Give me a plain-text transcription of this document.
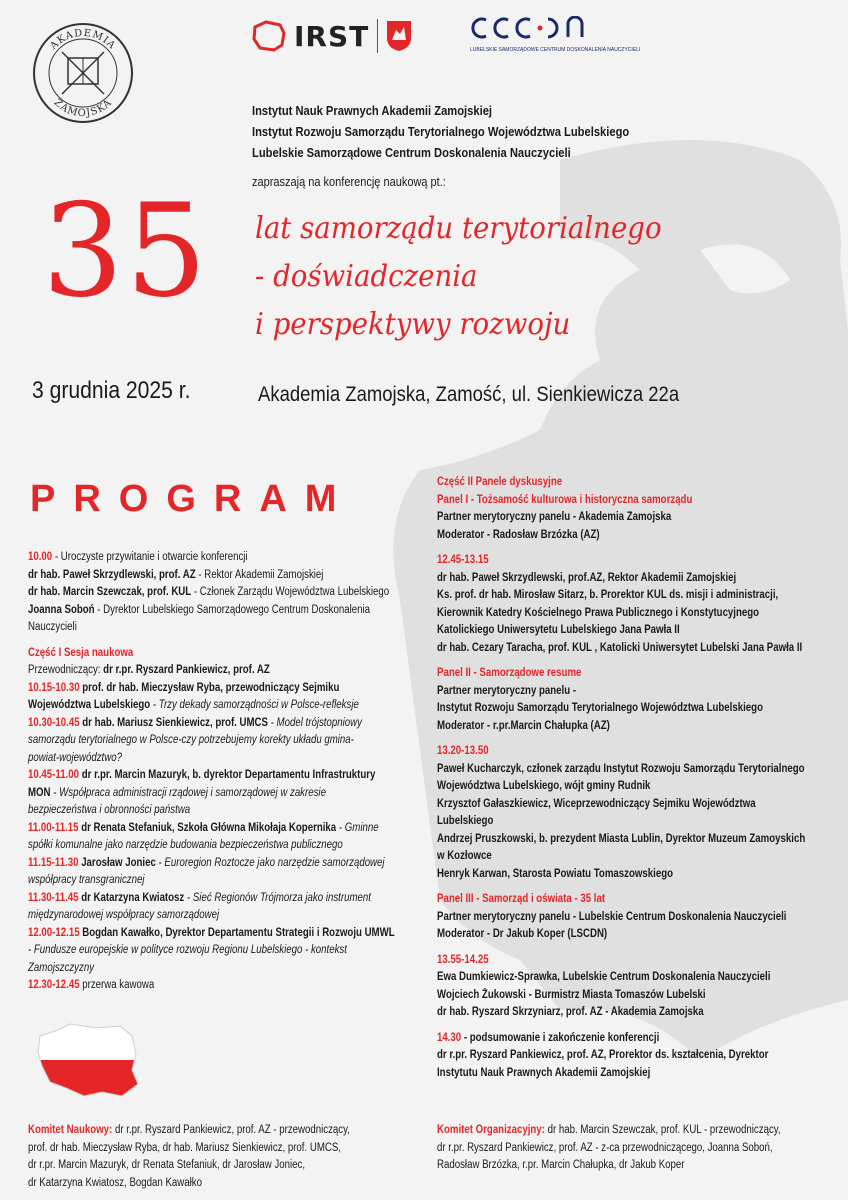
AKADEMIA
ZAMOJSKA
IRST	LUBELSKIE SAMORZĄDOWE CENTRUM DOSKONALENIA NAUCZYCIELI
Instytut Nauk Prawnych Akademii Zamojskiej
Instytut Rozwoju Samorządu Terytorialnego Województwa Lubelskiego
Lubelskie Samorządowe Centrum Doskonalenia Nauczycieli
zapraszają na konferencję naukową pt.:
35 lat samorządu terytorialnego
- doświadczenia
i perspektywy rozwoju
3 grudnia 2025 r.	Akademia Zamojska, Zamość, ul. Sienkiewicza 22a
PROGRAM

10.00 - Uroczyste przywitanie i otwarcie konferencji

dr hab. Paweł Skrzydlewski, prof. AZ - Rektor Akademii Zamojskiej

dr hab. Marcin Szewczak, prof. KUL - Członek Zarządu Województwa Lubelskiego

Joanna Soboń - Dyrektor Lubelskiego Samorządowego Centrum Doskonalenia

Nauczycieli

Część I Sesja naukowa

Przewodniczący: dr r.pr. Ryszard Pankiewicz, prof. AZ

10.15-10.30 prof. dr hab. Mieczysław Ryba, przewodniczący Sejmiku

Województwa Lubelskiego - Trzy dekady samorządności w Polsce-refleksje

10.30-10.45 dr hab. Mariusz Sienkiewicz, prof. UMCS - Model trójstopniowy

samorządu terytorialnego w Polsce-czy potrzebujemy korekty układu gmina-

powiat-województwo?

10.45-11.00 dr r.pr. Marcin Mazuryk, b. dyrektor Departamentu Infrastruktury

MON - Współpraca administracji rządowej i samorządowej w zakresie

bezpieczeństwa i obronności państwa

11.00-11.15 dr Renata Stefaniuk, Szkoła Główna Mikołaja Kopernika - Gminne

spółki komunalne jako narzędzie budowania bezpieczeństwa publicznego

11.15-11.30 Jarosław Joniec - Euroregion Roztocze jako narzędzie samorządowej

współpracy transgranicznej

11.30-11.45 dr Katarzyna Kwiatosz - Sieć Regionów Trójmorza jako instrument

międzynarodowej współpracy samorządowej

12.00-12.15 Bogdan Kawałko, Dyrektor Departamentu Strategii i Rozwoju UMWL

- Fundusze europejskie w polityce rozwoju Regionu Lubelskiego - kontekst

Zamojszczyzny

12.30-12.45 przerwa kawowa

Część II Panele dyskusyjne

Panel I - Tożsamość kulturowa i historyczna samorządu

Partner merytoryczny panelu - Akademia Zamojska

Moderator - Radosław Brzózka (AZ)

12.45-13.15

dr hab. Paweł Skrzydlewski, prof.AZ, Rektor Akademii Zamojskiej

Ks. prof. dr hab. Mirosław Sitarz, b. Prorektor KUL ds. misji i administracji,

Kierownik Katedry Kościelnego Prawa Publicznego i Konstytucyjnego

Katolickiego Uniwersytetu Lubelskiego Jana Pawła II

dr hab. Cezary Taracha, prof. KUL , Katolicki Uniwersytet Lubelski Jana Pawła II

Panel II - Samorządowe resume

Partner merytoryczny panelu -

Instytut Rozwoju Samorządu Terytorialnego Województwa Lubelskiego

Moderator - r.pr.Marcin Chałupka (AZ)

13.20-13.50

Paweł Kucharczyk, członek zarządu Instytut Rozwoju Samorządu Terytorialnego

Województwa Lubelskiego, wójt gminy Rudnik

Krzysztof Gałaszkiewicz, Wiceprzewodniczący Sejmiku Województwa

Lubelskiego

Andrzej Pruszkowski, b. prezydent Miasta Lublin, Dyrektor Muzeum Zamoyskich

w Kozłowce

Henryk Karwan, Starosta Powiatu Tomaszowskiego

Panel III - Samorząd i oświata - 35 lat

Partner merytoryczny panelu - Lubelskie Centrum Doskonalenia Nauczycieli

Moderator - Dr Jakub Koper (LSCDN)

13.55-14.25

Ewa Dumkiewicz-Sprawka, Lubelskie Centrum Doskonalenia Nauczycieli

Wojciech Żukowski - Burmistrz Miasta Tomaszów Lubelski

dr hab. Ryszard Skrzyniarz, prof. AZ - Akademia Zamojska

14.30 - podsumowanie i zakończenie konferencji

dr r.pr. Ryszard Pankiewicz, prof. AZ, Prorektor ds. kształcenia, Dyrektor

Instytutu Nauk Prawnych Akademii Zamojskiej

Komitet Naukowy: dr r.pr. Ryszard Pankiewicz, prof. AZ - przewodniczący,

prof. dr hab. Mieczysław Ryba, dr hab. Mariusz Sienkiewicz, prof. UMCS,

dr r.pr. Marcin Mazuryk, dr Renata Stefaniuk, dr Jarosław Joniec,

dr Katarzyna Kwiatosz, Bogdan Kawałko

Komitet Organizacyjny: dr hab. Marcin Szewczak, prof. KUL - przewodniczący,

dr r.pr. Ryszard Pankiewicz, prof. AZ - z-ca przewodniczącego, Joanna Soboń,

Radosław Brzózka, r.pr. Marcin Chałupka, dr Jakub Koper
